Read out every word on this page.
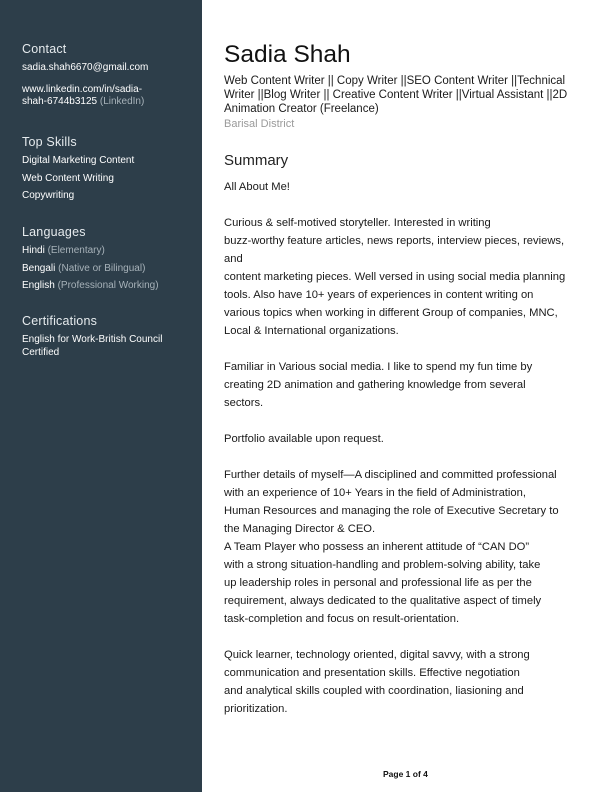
Contact
sadia.shah6670@gmail.com
www.linkedin.com/in/sadia-
shah-6744b3125 (LinkedIn)
Top Skills
Digital Marketing Content
Web Content Writing
Copywriting
Languages
Hindi (Elementary)
Bengali (Native or Bilingual)
English (Professional Working)
Certifications
English for Work-British Council
Certified
Sadia Shah
Web Content Writer || Copy Writer ||SEO Content Writer ||Technical
Writer ||Blog Writer || Creative Content Writer ||Virtual Assistant ||2D
Animation Creator (Freelance)
Barisal District
Summary
All About Me!

Curious & self-motived storyteller. Interested in writing
buzz-worthy feature articles, news reports, interview pieces, reviews,
and
content marketing pieces. Well versed in using social media planning
tools. Also have 10+ years of experiences in content writing on
various topics when working in different Group of companies, MNC,
Local & International organizations.

Familiar in Various social media. I like to spend my fun time by
creating 2D animation and gathering knowledge from several
sectors.

Portfolio available upon request.

Further details of myself—A disciplined and committed professional
with an experience of 10+ Years in the field of Administration,
Human Resources and managing the role of Executive Secretary to
the Managing Director & CEO.
A Team Player who possess an inherent attitude of “CAN DO”
with a strong situation-handling and problem-solving ability, take
up leadership roles in personal and professional life as per the
requirement, always dedicated to the qualitative aspect of timely
task-completion and focus on result-orientation.

Quick learner, technology oriented, digital savvy, with a strong
communication and presentation skills. Effective negotiation
and analytical skills coupled with coordination, liasioning and
prioritization.
Page 1 of 4
